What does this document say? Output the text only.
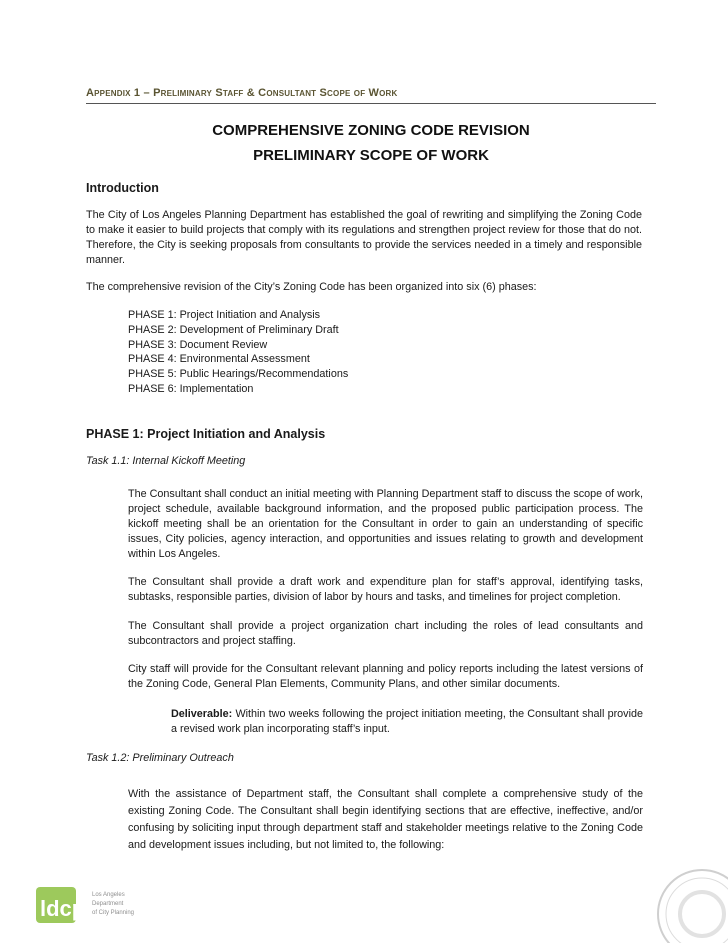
Appendix 1 – Preliminary Staff & Consultant Scope of Work
COMPREHENSIVE ZONING CODE REVISION
PRELIMINARY SCOPE OF WORK
Introduction
The City of Los Angeles Planning Department has established the goal of rewriting and simplifying the Zoning Code to make it easier to build projects that comply with its regulations and strengthen project review for those that do not. Therefore, the City is seeking proposals from consultants to provide the services needed in a timely and responsible manner.
The comprehensive revision of the City’s Zoning Code has been organized into six (6) phases:
PHASE 1: Project Initiation and Analysis
PHASE 2: Development of Preliminary Draft
PHASE 3: Document Review
PHASE 4: Environmental Assessment
PHASE 5: Public Hearings/Recommendations
PHASE 6: Implementation
PHASE 1: Project Initiation and Analysis
Task 1.1: Internal Kickoff Meeting
The Consultant shall conduct an initial meeting with Planning Department staff to discuss the scope of work, project schedule, available background information, and the proposed public participation process. The kickoff meeting shall be an orientation for the Consultant in order to gain an understanding of specific issues, City policies, agency interaction, and opportunities and issues relating to growth and development within Los Angeles.
The Consultant shall provide a draft work and expenditure plan for staff’s approval, identifying tasks, subtasks, responsible parties, division of labor by hours and tasks, and timelines for project completion.
The Consultant shall provide a project organization chart including the roles of lead consultants and subcontractors and project staffing.
City staff will provide for the Consultant relevant planning and policy reports including the latest versions of the Zoning Code, General Plan Elements, Community Plans, and other similar documents.
Deliverable: Within two weeks following the project initiation meeting, the Consultant shall provide a revised work plan incorporating staff’s input.
Task 1.2: Preliminary Outreach
With the assistance of Department staff, the Consultant shall complete a comprehensive study of the existing Zoning Code. The Consultant shall begin identifying sections that are effective, ineffective, and/or confusing by soliciting input through department staff and stakeholder meetings relative to the Zoning Code and development issues including, but not limited to, the following:
ldcp
Los Angeles
Department
of City Planning
